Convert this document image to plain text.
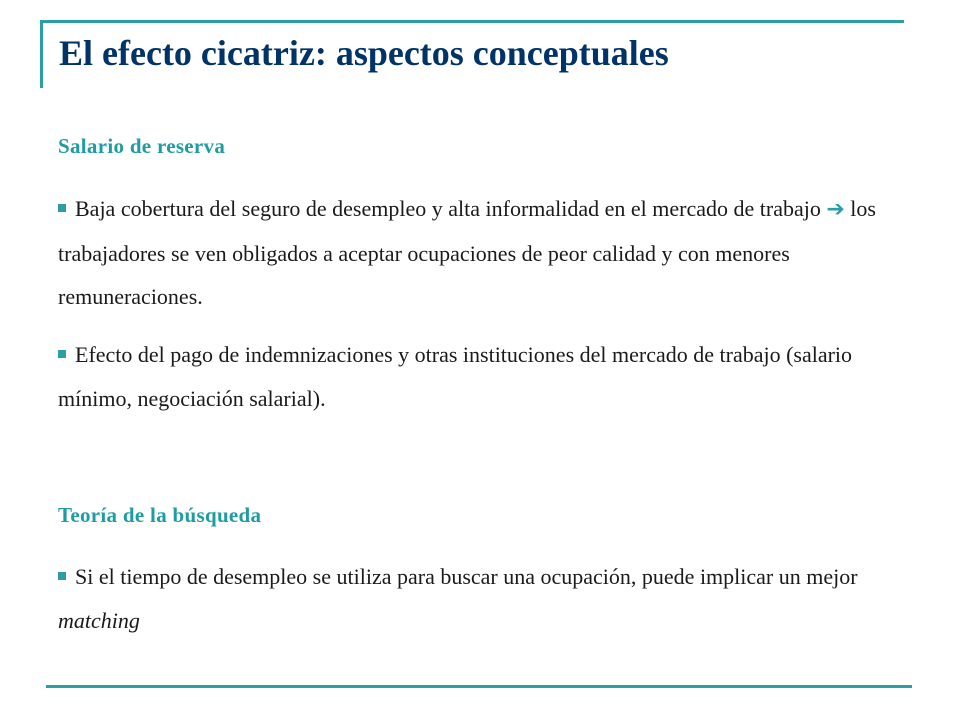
El efecto cicatriz: aspectos conceptuales
Salario de reserva
Baja cobertura del seguro de desempleo y alta informalidad en el mercado de trabajo ➔ los trabajadores se ven obligados a aceptar ocupaciones de peor calidad y con menores remuneraciones.
Efecto del pago de indemnizaciones y otras instituciones del mercado de trabajo (salario mínimo, negociación salarial).
Teoría de la búsqueda
Si el tiempo de desempleo se utiliza para buscar una ocupación, puede implicar un mejor matching
